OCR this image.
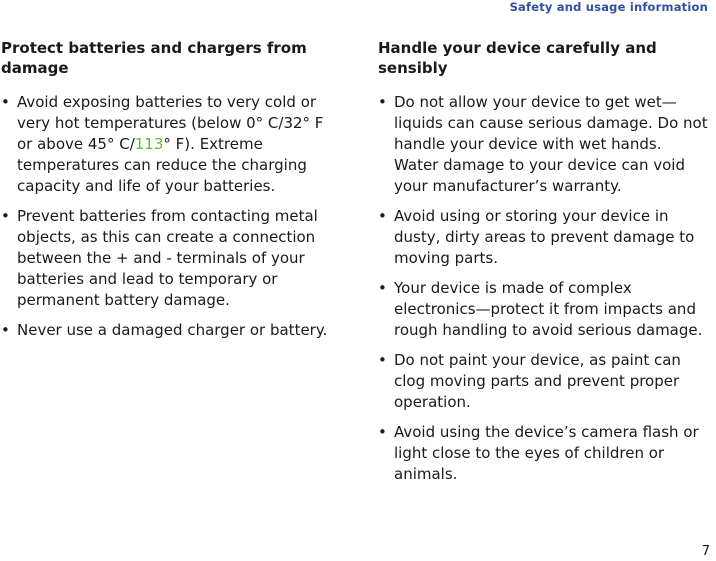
Safety and usage information
Protect batteries and chargers from damage
• Avoid exposing batteries to very cold or very hot temperatures (below 0° C/32° F or above 45° C/113° F). Extreme temperatures can reduce the charging capacity and life of your batteries.
• Prevent batteries from contacting metal objects, as this can create a connection between the + and - terminals of your batteries and lead to temporary or permanent battery damage.
• Never use a damaged charger or battery.
Handle your device carefully and sensibly
• Do not allow your device to get wet—liquids can cause serious damage. Do not handle your device with wet hands. Water damage to your device can void your manufacturer’s warranty.
• Avoid using or storing your device in dusty, dirty areas to prevent damage to moving parts.
• Your device is made of complex electronics—protect it from impacts and rough handling to avoid serious damage.
• Do not paint your device, as paint can clog moving parts and prevent proper operation.
• Avoid using the device’s camera flash or light close to the eyes of children or animals.
7
